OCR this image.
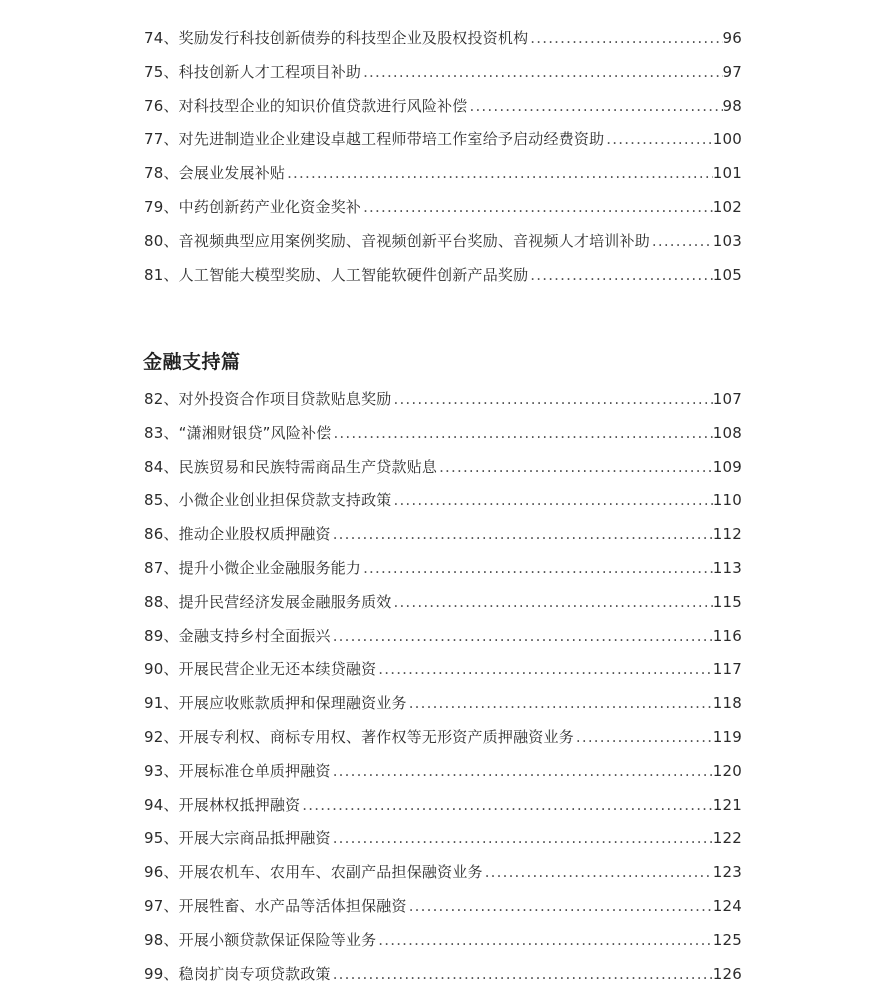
74、奖励发行科技创新债券的科技型企业及股权投资机构 .....	96
75、科技创新人才工程项目补助 .....	97
76、对科技型企业的知识价值贷款进行风险补偿 .....	98
77、对先进制造业企业建设卓越工程师带培工作室给予启动经费资助 .....	100
78、会展业发展补贴 .....	101
79、中药创新药产业化资金奖补 .....	102
80、音视频典型应用案例奖励、音视频创新平台奖励、音视频人才培训补助 .....	103
81、人工智能大模型奖励、人工智能软硬件创新产品奖励 .....	105
金融支持篇
82、对外投资合作项目贷款贴息奖励 .....	107
83、“潇湘财银贷”风险补偿 .....	108
84、民族贸易和民族特需商品生产贷款贴息 .....	109
85、小微企业创业担保贷款支持政策 .....	110
86、推动企业股权质押融资 .....	112
87、提升小微企业金融服务能力 .....	113
88、提升民营经济发展金融服务质效 .....	115
89、金融支持乡村全面振兴 .....	116
90、开展民营企业无还本续贷融资 .....	117
91、开展应收账款质押和保理融资业务 .....	118
92、开展专利权、商标专用权、著作权等无形资产质押融资业务 .....	119
93、开展标准仓单质押融资 .....	120
94、开展林权抵押融资 .....	121
95、开展大宗商品抵押融资 .....	122
96、开展农机车、农用车、农副产品担保融资业务 .....	123
97、开展牲畜、水产品等活体担保融资 .....	124
98、开展小额贷款保证保险等业务 .....	125
99、稳岗扩岗专项贷款政策 .....	126
